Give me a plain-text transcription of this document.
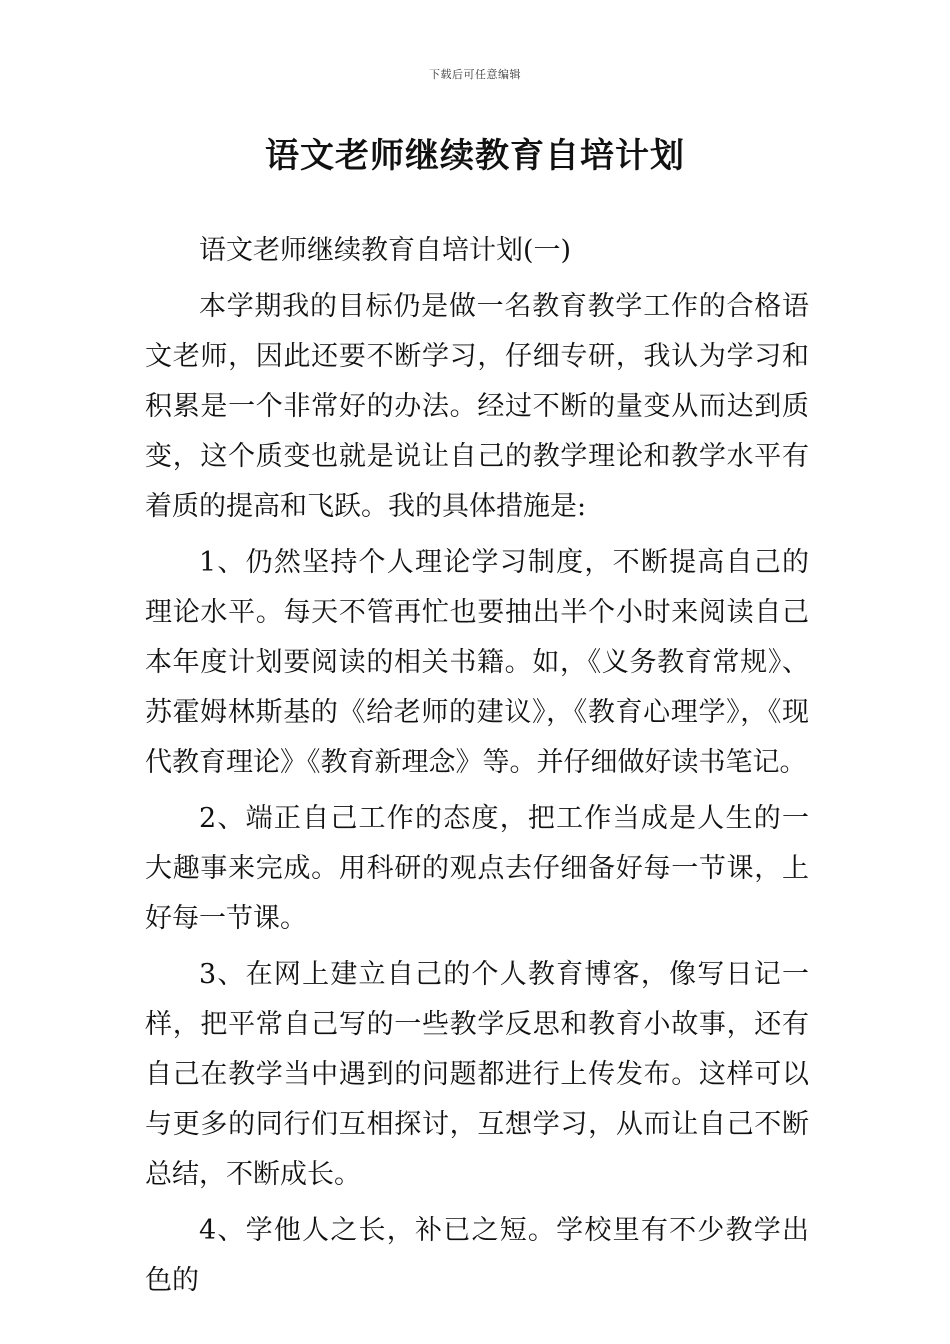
下载后可任意编辑
语文老师继续教育自培计划

语文老师继续教育自培计划(一)

本学期我的目标仍是做一名教育教学工作的合格语文老师，因此还要不断学习，仔细专研，我认为学习和积累是一个非常好的办法。经过不断的量变从而达到质变，这个质变也就是说让自己的教学理论和教学水平有着质的提高和飞跃。我的具体措施是:

1、仍然坚持个人理论学习制度，不断提高自己的理论水平。每天不管再忙也要抽出半个小时来阅读自己本年度计划要阅读的相关书籍。如，《义务教育常规》、苏霍姆林斯基的《给老师的建议》，《教育心理学》，《现代教育理论》《教育新理念》等。并仔细做好读书笔记。

2、端正自己工作的态度，把工作当成是人生的一大趣事来完成。用科研的观点去仔细备好每一节课，上好每一节课。

3、在网上建立自己的个人教育博客，像写日记一样，把平常自己写的一些教学反思和教育小故事，还有自己在教学当中遇到的问题都进行上传发布。这样可以与更多的同行们互相探讨，互想学习，从而让自己不断总结，不断成长。

4、学他人之长，补已之短。学校里有不少教学出色的
